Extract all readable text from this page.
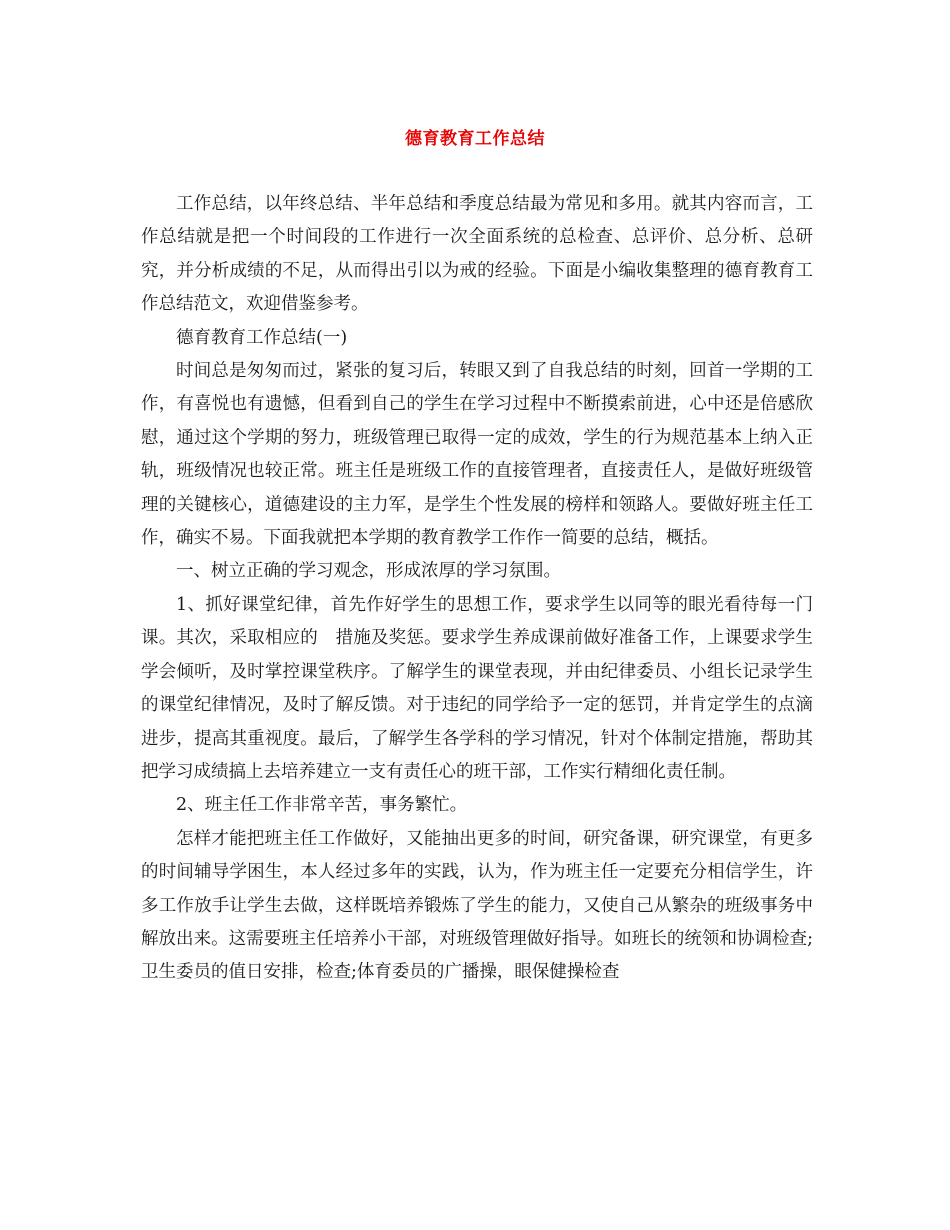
德育教育工作总结

工作总结，以年终总结、半年总结和季度总结最为常见和多用。就其内容而言，工作总结就是把一个时间段的工作进行一次全面系统的总检查、总评价、总分析、总研究，并分析成绩的不足，从而得出引以为戒的经验。下面是小编收集整理的德育教育工作总结范文，欢迎借鉴参考。

德育教育工作总结(一)

时间总是匆匆而过，紧张的复习后，转眼又到了自我总结的时刻，回首一学期的工作，有喜悦也有遗憾，但看到自己的学生在学习过程中不断摸索前进，心中还是倍感欣慰，通过这个学期的努力，班级管理已取得一定的成效，学生的行为规范基本上纳入正轨，班级情况也较正常。班主任是班级工作的直接管理者，直接责任人，是做好班级管理的关键核心，道德建设的主力军，是学生个性发展的榜样和领路人。要做好班主任工作，确实不易。下面我就把本学期的教育教学工作作一简要的总结，概括。

一、树立正确的学习观念，形成浓厚的学习氛围。

1、抓好课堂纪律，首先作好学生的思想工作，要求学生以同等的眼光看待每一门课。其次，采取相应的　措施及奖惩。要求学生养成课前做好准备工作，上课要求学生学会倾听，及时掌控课堂秩序。了解学生的课堂表现，并由纪律委员、小组长记录学生的课堂纪律情况，及时了解反馈。对于违纪的同学给予一定的惩罚，并肯定学生的点滴进步，提高其重视度。最后，了解学生各学科的学习情况，针对个体制定措施，帮助其把学习成绩搞上去培养建立一支有责任心的班干部，工作实行精细化责任制。

2、班主任工作非常辛苦，事务繁忙。

怎样才能把班主任工作做好，又能抽出更多的时间，研究备课，研究课堂，有更多的时间辅导学困生，本人经过多年的实践，认为，作为班主任一定要充分相信学生，许多工作放手让学生去做，这样既培养锻炼了学生的能力，又使自己从繁杂的班级事务中解放出来。这需要班主任培养小干部，对班级管理做好指导。如班长的统领和协调检查;卫生委员的值日安排，检查;体育委员的广播操，眼保健操检查
